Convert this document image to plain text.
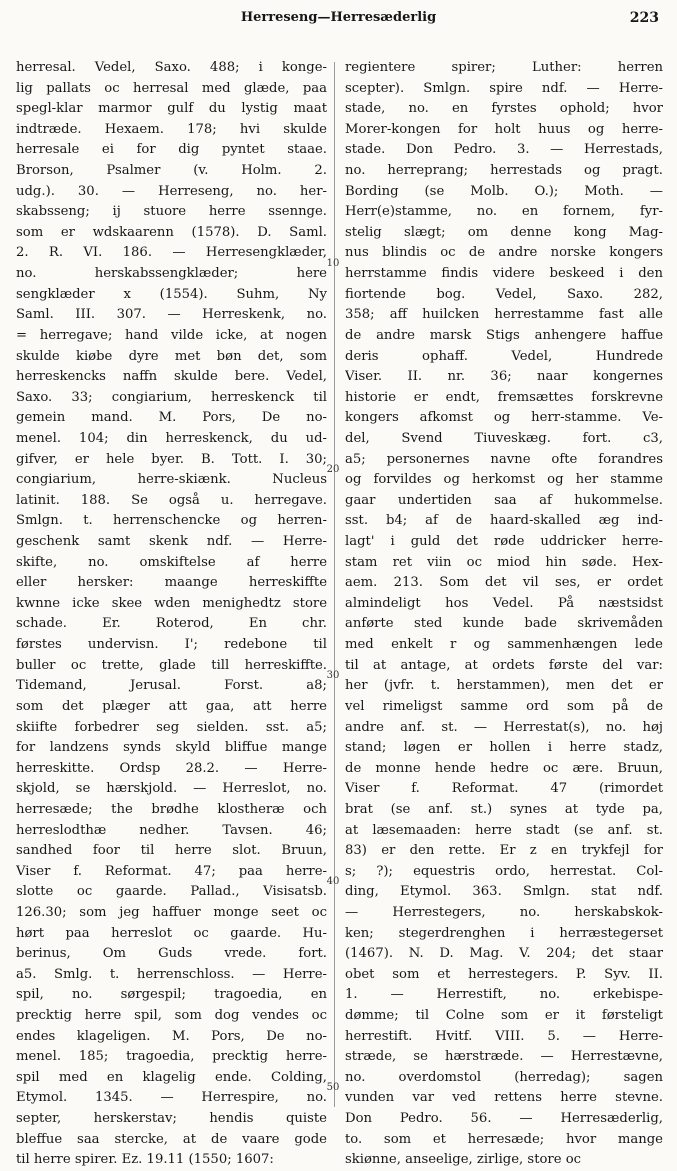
Herreseng—Herresæderlig	223
10
20
30
40
50
herresal. Vedel, Saxo. 488; i konge-
lig pallats oc herresal med glæde, paa
spegl-klar marmor gulf du lystig maat
indtræde. Hexaem. 178; hvi skulde
herresale ei for dig pyntet staae.
Brorson, Psalmer (v. Holm. 2.
udg.). 30. — Herreseng, no. her-
skabsseng; ij stuore herre ssennge.
som er wdskaarenn (1578). D. Saml.
2. R. VI. 186. — Herresengklæder,
no. herskabssengklæder; here
sengklæder x (1554). Suhm, Ny
Saml. III. 307. — Herreskenk, no.
= herregave; hand vilde icke, at nogen
skulde kiøbe dyre met bøn det, som
herreskencks naffn skulde bere. Vedel,
Saxo. 33; congiarium, herreskenck til
gemein mand. M. Pors, De no-
menel. 104; din herreskenck, du ud-
gifver, er hele byer. B. Tott. I. 30;
congiarium, herre-skiænk. Nucleus
latinit. 188. Se også u. herregave.
Smlgn. t. herrenschencke og herren-
geschenk samt skenk ndf. — Herre-
skifte, no. omskiftelse af herre
eller hersker: maange herreskiffte
kwnne icke skee wden menighedtz store
schade. Er. Roterod, En chr.
førstes undervisn. I'; redebone til
buller oc trette, glade till herreskiffte.
Tidemand, Jerusal. Forst. a8;
som det plæger att gaa, att herre
skiifte forbedrer seg sielden. sst. a5;
for landzens synds skyld bliffue mange
herreskitte. Ordsp 28.2. — Herre-
skjold, se hærskjold. — Herreslot, no.
herresæde; the brødhe klostheræ och
herreslodthæ nedher. Tavsen. 46;
sandhed foor til herre slot. Bruun,
Viser f. Reformat. 47; paa herre-
slotte oc gaarde. Pallad., Visisatsb.
126.30; som jeg haffuer monge seet oc
hørt paa herreslot oc gaarde. Hu-
berinus, Om Guds vrede. fort.
a5. Smlg. t. herrenschloss. — Herre-
spil, no. sørgespil; tragoedia, en
precktig herre spil, som dog vendes oc
endes klageligen. M. Pors, De no-
menel. 185; tragoedia, precktig herre-
spil med en klagelig ende. Colding,
Etymol. 1345. — Herrespire, no.
septer, herskerstav; hendis quiste
bleffue saa stercke, at de vaare gode
til herre spirer. Ez. 19.11 (1550; 1607:
regientere spirer; Luther: herren
scepter). Smlgn. spire ndf. — Herre-
stade, no. en fyrstes ophold; hvor
Morer-kongen for holt huus og herre-
stade. Don Pedro. 3. — Herrestads,
no. herreprang; herrestads og pragt.
Bording (se Molb. O.); Moth. —
Herr(e)stamme, no. en fornem, fyr-
stelig slægt; om denne kong Mag-
nus blindis oc de andre norske kongers
herrstamme findis videre beskeed i den
fiortende bog. Vedel, Saxo. 282,
358; aff huilcken herrestamme fast alle
de andre marsk Stigs anhengere haffue
deris ophaff. Vedel, Hundrede
Viser. II. nr. 36; naar kongernes
historie er endt, fremsættes forskrevne
kongers afkomst og herr-stamme. Ve-
del, Svend Tiuveskæg. fort. c3,
a5; personernes navne ofte forandres
og forvildes og herkomst og her stamme
gaar undertiden saa af hukommelse.
sst. b4; af de haard-skalled æg ind-
lagt' i guld det røde uddricker herre-
stam ret viin oc miod hin søde. Hex-
aem. 213. Som det vil ses, er ordet
almindeligt hos Vedel. På næstsidst
anførte sted kunde bade skrivemåden
med enkelt r og sammenhængen lede
til at antage, at ordets første del var:
her (jvfr. t. herstammen), men det er
vel rimeligst samme ord som på de
andre anf. st. — Herrestat(s), no. høj
stand; løgen er hollen i herre stadz,
de monne hende hedre oc ære. Bruun,
Viser f. Reformat. 47 (rimordet
brat (se anf. st.) synes at tyde pa,
at læsemaaden: herre stadt (se anf. st.
83) er den rette. Er z en trykfejl for
s; ?); equestris ordo, herrestat. Col-
ding, Etymol. 363. Smlgn. stat ndf.
— Herrestegers, no. herskabskok-
ken; stegerdrenghen i herræstegerset
(1467). N. D. Mag. V. 204; det staar
obet som et herrestegers. P. Syv. II.
1. — Herrestift, no. erkebispe-
dømme; til Colne som er it førsteligt
herrestift. Hvitf. VIII. 5. — Herre-
stræde, se hærstræde. — Herrestævne,
no. overdomstol (herredag); sagen
vunden var ved rettens herre stevne.
Don Pedro. 56. — Herresæderlig,
to. som et herresæde; hvor mange
skiønne, anseelige, zirlige, store oc
